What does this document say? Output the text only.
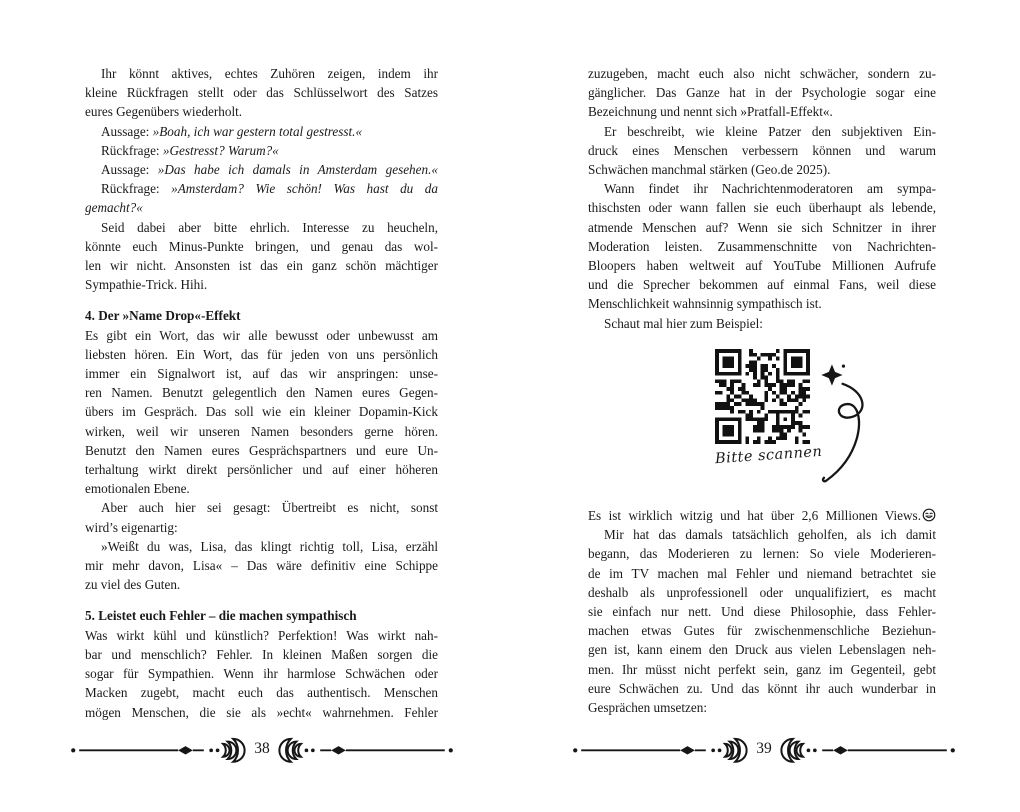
Ihr könnt aktives, echtes Zuhören zeigen, indem ihr
kleine Rückfragen stellt oder das Schlüsselwort des Satzes
eures Gegenübers wiederholt.
Aussage: »Boah, ich war gestern total gestresst.«
Rückfrage: »Gestresst? Warum?«
Aussage: »Das habe ich damals in Amsterdam gesehen.«
Rückfrage: »Amsterdam? Wie schön! Was hast du da
gemacht?«
Seid dabei aber bitte ehrlich. Interesse zu heucheln,
könnte euch Minus-Punkte bringen, und genau das wol-
len wir nicht. Ansonsten ist das ein ganz schön mächtiger
Sympathie-Trick. Hihi.
4. Der »Name Drop«-Effekt
Es gibt ein Wort, das wir alle bewusst oder unbewusst am
liebsten hören. Ein Wort, das für jeden von uns persönlich
immer ein Signalwort ist, auf das wir anspringen: unse-
ren Namen. Benutzt gelegentlich den Namen eures Gegen-
übers im Gespräch. Das soll wie ein kleiner Dopamin-Kick
wirken, weil wir unseren Namen besonders gerne hören.
Benutzt den Namen eures Gesprächspartners und eure Un-
terhaltung wirkt direkt persönlicher und auf einer höheren
emotionalen Ebene.
Aber auch hier sei gesagt: Übertreibt es nicht, sonst
wird’s eigenartig:
»Weißt du was, Lisa, das klingt richtig toll, Lisa, erzähl
mir mehr davon, Lisa« – Das wäre definitiv eine Schippe
zu viel des Guten.
5. Leistet euch Fehler – die machen sympathisch
Was wirkt kühl und künstlich? Perfektion! Was wirkt nah-
bar und menschlich? Fehler. In kleinen Maßen sorgen die
sogar für Sympathien. Wenn ihr harmlose Schwächen oder
Macken zugebt, macht euch das authentisch. Menschen
mögen Menschen, die sie als »echt« wahrnehmen. Fehler
zuzugeben, macht euch also nicht schwächer, sondern zu-
gänglicher. Das Ganze hat in der Psychologie sogar eine
Bezeichnung und nennt sich »Pratfall-Effekt«.
Er beschreibt, wie kleine Patzer den subjektiven Ein-
druck eines Menschen verbessern können und warum
Schwächen manchmal stärken (Geo.de 2025).
Wann findet ihr Nachrichtenmoderatoren am sympa-
thischsten oder wann fallen sie euch überhaupt als lebende,
atmende Menschen auf? Wenn sie sich Schnitzer in ihrer
Moderation leisten. Zusammenschnitte von Nachrichten-
Bloopers haben weltweit auf YouTube Millionen Aufrufe
und die Sprecher bekommen auf einmal Fans, weil diese
Menschlichkeit wahnsinnig sympathisch ist.
Schaut mal hier zum Beispiel:
Bitte scannen
Es ist wirklich witzig und hat über 2,6 Millionen Views.
Mir hat das damals tatsächlich geholfen, als ich damit
begann, das Moderieren zu lernen: So viele Moderieren-
de im TV machen mal Fehler und niemand betrachtet sie
deshalb als unprofessionell oder unqualifiziert, es macht
sie einfach nur nett. Und diese Philosophie, dass Fehler-
machen etwas Gutes für zwischenmenschliche Beziehun-
gen ist, kann einem den Druck aus vielen Lebenslagen neh-
men. Ihr müsst nicht perfekt sein, ganz im Gegenteil, gebt
eure Schwächen zu. Und das könnt ihr auch wunderbar in
Gesprächen umsetzen:
38	39
